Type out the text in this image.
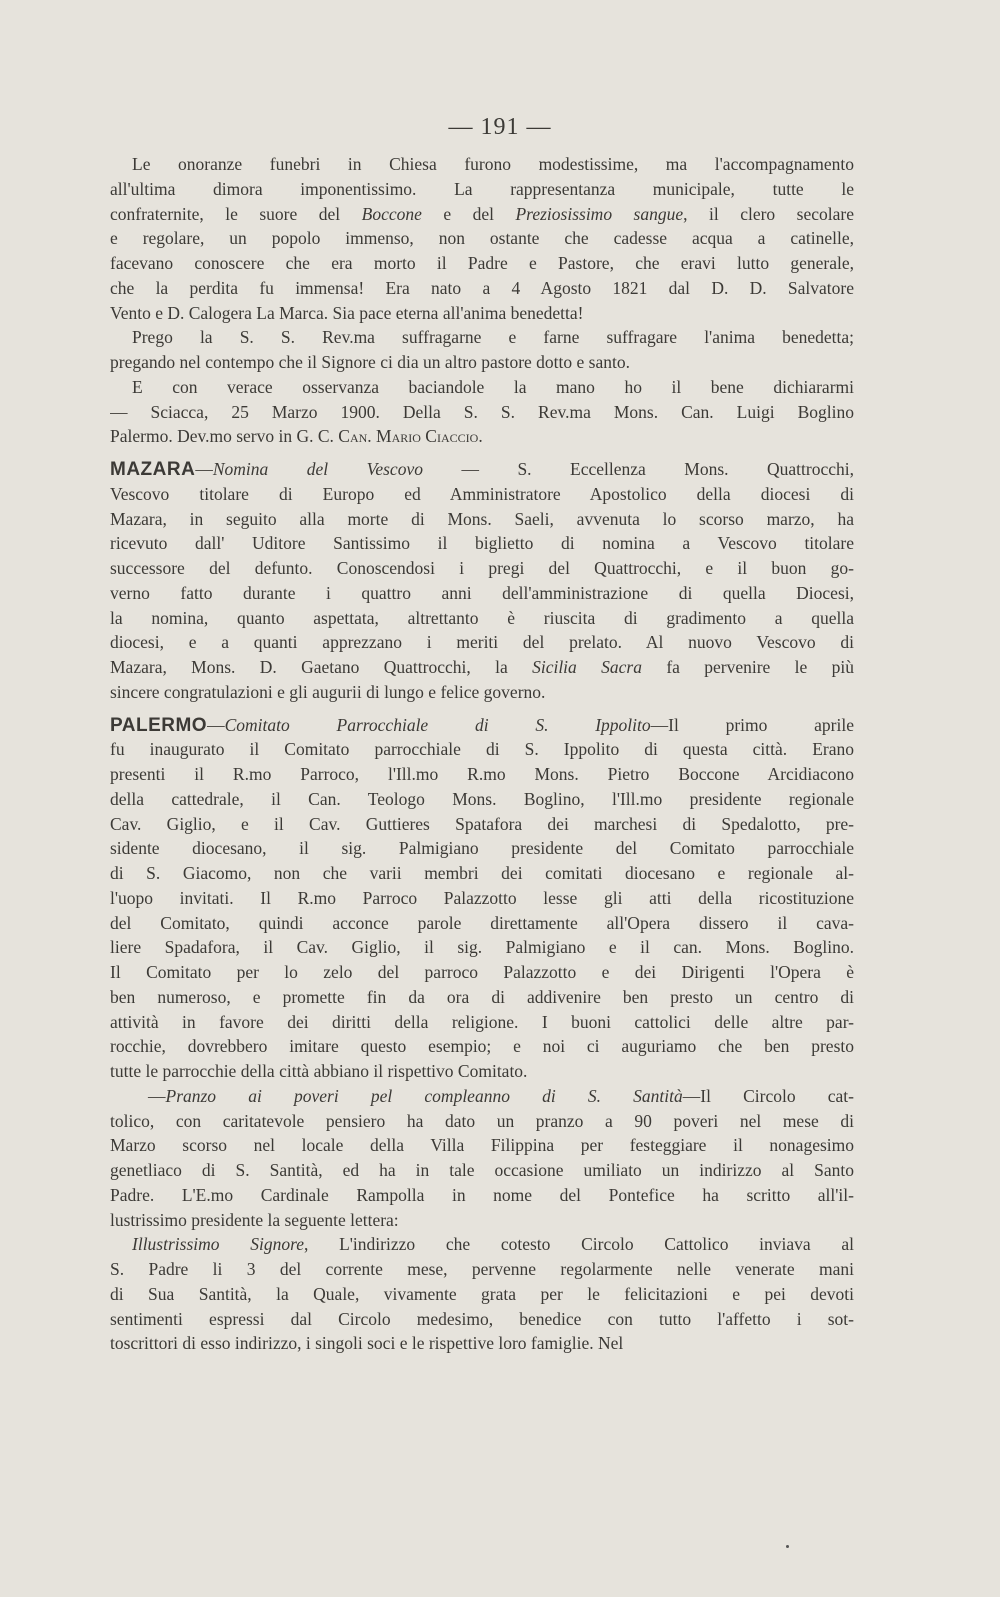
— 191 —
Le onoranze funebri in Chiesa furono modestissime, ma l'accompagnamento
all'ultima dimora imponentissimo. La rappresentanza municipale, tutte le
confraternite, le suore del Boccone e del Preziosissimo sangue, il clero secolare
e regolare, un popolo immenso, non ostante che cadesse acqua a catinelle,
facevano conoscere che era morto il Padre e Pastore, che eravi lutto generale,
che la perdita fu immensa! Era nato a 4 Agosto 1821 dal D. D. Salvatore
Vento e D. Calogera La Marca. Sia pace eterna all'anima benedetta!
Prego la S. S. Rev.ma suffragarne e farne suffragare l'anima benedetta;
pregando nel contempo che il Signore ci dia un altro pastore dotto e santo.
E con verace osservanza baciandole la mano ho il bene dichiararmi
— Sciacca, 25 Marzo 1900. Della S. S. Rev.ma Mons. Can. Luigi Boglino
Palermo. Dev.mo servo in G. C. Can. Mario Ciaccio.
MAZARA—Nomina del Vescovo — S. Eccellenza Mons. Quattrocchi,
Vescovo titolare di Europo ed Amministratore Apostolico della diocesi di
Mazara, in seguito alla morte di Mons. Saeli, avvenuta lo scorso marzo, ha
ricevuto dall' Uditore Santissimo il biglietto di nomina a Vescovo titolare
successore del defunto. Conoscendosi i pregi del Quattrocchi, e il buon go-
verno fatto durante i quattro anni dell'amministrazione di quella Diocesi,
la nomina, quanto aspettata, altrettanto è riuscita di gradimento a quella
diocesi, e a quanti apprezzano i meriti del prelato. Al nuovo Vescovo di
Mazara, Mons. D. Gaetano Quattrocchi, la Sicilia Sacra fa pervenire le più
sincere congratulazioni e gli augurii di lungo e felice governo.
PALERMO—Comitato Parrocchiale di S. Ippolito—Il primo aprile
fu inaugurato il Comitato parrocchiale di S. Ippolito di questa città. Erano
presenti il R.mo Parroco, l'Ill.mo R.mo Mons. Pietro Boccone Arcidiacono
della cattedrale, il Can. Teologo Mons. Boglino, l'Ill.mo presidente regionale
Cav. Giglio, e il Cav. Guttieres Spatafora dei marchesi di Spedalotto, pre-
sidente diocesano, il sig. Palmigiano presidente del Comitato parrocchiale
di S. Giacomo, non che varii membri dei comitati diocesano e regionale al-
l'uopo invitati. Il R.mo Parroco Palazzotto lesse gli atti della ricostituzione
del Comitato, quindi acconce parole direttamente all'Opera dissero il cava-
liere Spadafora, il Cav. Giglio, il sig. Palmigiano e il can. Mons. Boglino.
Il Comitato per lo zelo del parroco Palazzotto e dei Dirigenti l'Opera è
ben numeroso, e promette fin da ora di addivenire ben presto un centro di
attività in favore dei diritti della religione. I buoni cattolici delle altre par-
rocchie, dovrebbero imitare questo esempio; e noi ci auguriamo che ben presto
tutte le parrocchie della città abbiano il rispettivo Comitato.
—Pranzo ai poveri pel compleanno di S. Santità—Il Circolo cat-
tolico, con caritatevole pensiero ha dato un pranzo a 90 poveri nel mese di
Marzo scorso nel locale della Villa Filippina per festeggiare il nonagesimo
genetliaco di S. Santità, ed ha in tale occasione umiliato un indirizzo al Santo
Padre. L'E.mo Cardinale Rampolla in nome del Pontefice ha scritto all'il-
lustrissimo presidente la seguente lettera:
Illustrissimo Signore, L'indirizzo che cotesto Circolo Cattolico inviava al
S. Padre li 3 del corrente mese, pervenne regolarmente nelle venerate mani
di Sua Santità, la Quale, vivamente grata per le felicitazioni e pei devoti
sentimenti espressi dal Circolo medesimo, benedice con tutto l'affetto i sot-
toscrittori di esso indirizzo, i singoli soci e le rispettive loro famiglie. Nel
